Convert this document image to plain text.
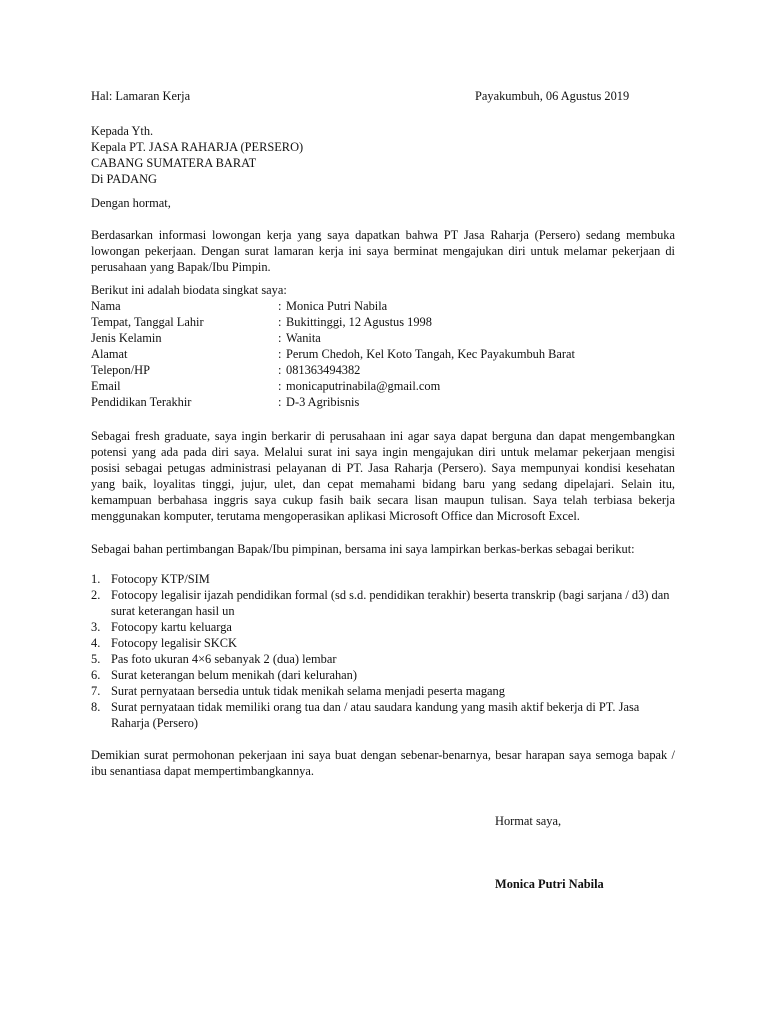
Hal: Lamaran Kerja	Payakumbuh, 06 Agustus 2019
Kepada Yth.
Kepala PT. JASA RAHARJA (PERSERO)
CABANG SUMATERA BARAT
Di PADANG
Dengan hormat,
Berdasarkan informasi lowongan kerja yang saya dapatkan bahwa PT Jasa Raharja (Persero) sedang membuka lowongan pekerjaan. Dengan surat lamaran kerja ini saya berminat mengajukan diri untuk melamar pekerjaan di perusahaan yang Bapak/Ibu Pimpin.
Berikut ini adalah biodata singkat saya:
Nama	: Monica Putri Nabila
Tempat, Tanggal Lahir	: Bukittinggi, 12 Agustus 1998
Jenis Kelamin	: Wanita
Alamat	: Perum Chedoh, Kel Koto Tangah, Kec Payakumbuh Barat
Telepon/HP	: 081363494382
Email	: monicaputrinabila@gmail.com
Pendidikan Terakhir	: D-3 Agribisnis
Sebagai fresh graduate, saya ingin berkarir di perusahaan ini agar saya dapat berguna dan dapat mengembangkan potensi yang ada pada diri saya. Melalui surat ini saya ingin mengajukan diri untuk melamar pekerjaan mengisi posisi sebagai petugas administrasi pelayanan di PT. Jasa Raharja (Persero). Saya mempunyai kondisi kesehatan yang baik, loyalitas tinggi, jujur, ulet, dan cepat memahami bidang baru yang sedang dipelajari. Selain itu, kemampuan berbahasa inggris saya cukup fasih baik secara lisan maupun tulisan. Saya telah terbiasa bekerja menggunakan komputer, terutama mengoperasikan aplikasi Microsoft Office dan Microsoft Excel.
Sebagai bahan pertimbangan Bapak/Ibu pimpinan, bersama ini saya lampirkan berkas-berkas sebagai berikut:
1. Fotocopy KTP/SIM
2. Fotocopy legalisir ijazah pendidikan formal (sd s.d. pendidikan terakhir) beserta transkrip (bagi sarjana / d3) dan surat keterangan hasil un
3. Fotocopy kartu keluarga
4. Fotocopy legalisir SKCK
5. Pas foto ukuran 4×6 sebanyak 2 (dua) lembar
6. Surat keterangan belum menikah (dari kelurahan)
7. Surat pernyataan bersedia untuk tidak menikah selama menjadi peserta magang
8. Surat pernyataan tidak memiliki orang tua dan / atau saudara kandung yang masih aktif bekerja di PT. Jasa Raharja (Persero)
Demikian surat permohonan pekerjaan ini saya buat dengan sebenar-benarnya, besar harapan saya semoga bapak / ibu senantiasa dapat mempertimbangkannya.
Hormat saya,
Monica Putri Nabila
